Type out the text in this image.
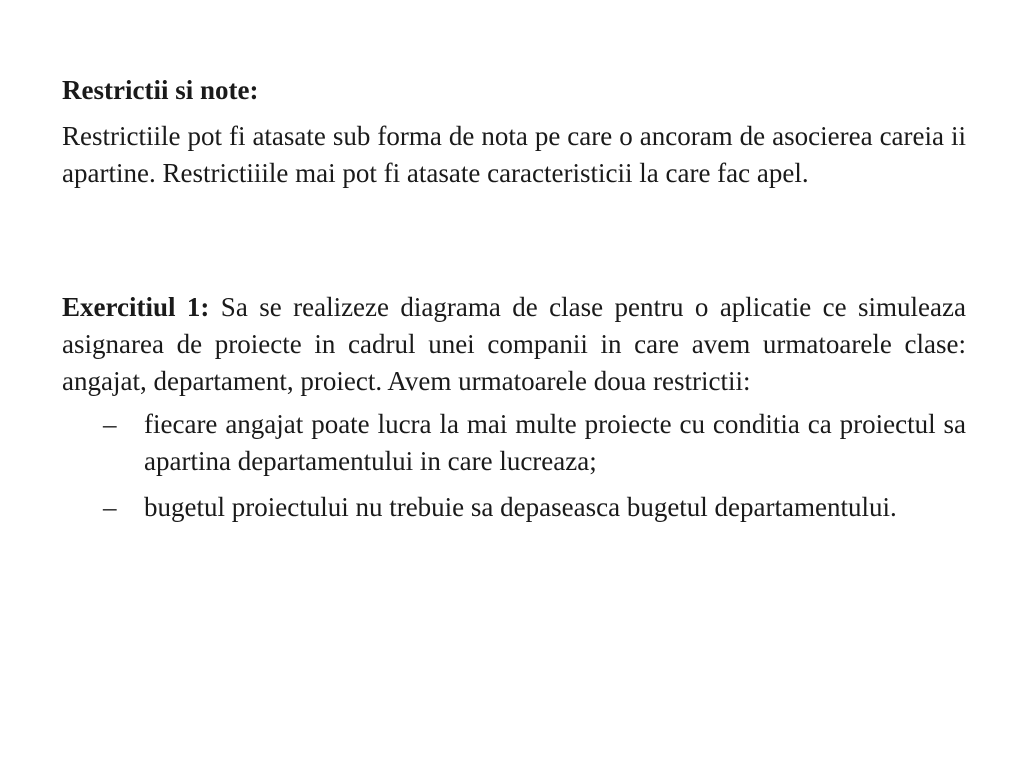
Restrictii si note:

Restrictiile pot fi atasate sub forma de nota pe care o ancoram de asocierea careia ii apartine. Restrictiiile mai pot fi atasate caracteristicii la care fac apel.

Exercitiul 1: Sa se realizeze diagrama de clase pentru o aplicatie ce simuleaza asignarea de proiecte in cadrul unei companii in care avem urmatoarele clase: angajat, departament, proiect. Avem urmatoarele doua restrictii:

–	fiecare angajat poate lucra la mai multe proiecte cu conditia ca proiectul sa apartina departamentului in care lucreaza;
–	bugetul proiectului nu trebuie sa depaseasca bugetul departamentului.
